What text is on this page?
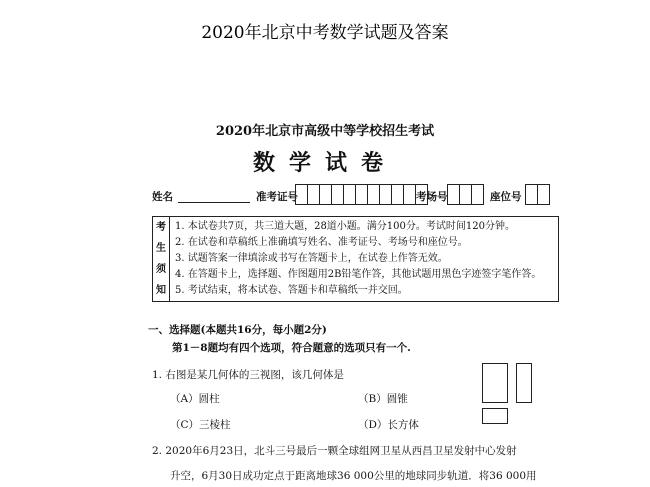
2020年北京中考数学试题及答案
2020年北京市高级中等学校招生考试
数学试卷
姓名	准考证号	考场号	座位号
考
生
须
知
1. 本试卷共7页，共三道大题，28道小题。满分100分。考试时间120分钟。
2. 在试卷和草稿纸上准确填写姓名、准考证号、考场号和座位号。
3. 试题答案一律填涂或书写在答题卡上，在试卷上作答无效。
4. 在答题卡上，选择题、作图题用2B铅笔作答，其他试题用黑色字迹签字笔作答。
5. 考试结束，将本试卷、答题卡和草稿纸一并交回。
一、选择题(本题共16分，每小题2分)
第1－8题均有四个选项，符合题意的选项只有一个.
1. 右图是某几何体的三视图，该几何体是
（A）圆柱	（B）圆锥
（C）三棱柱	（D）长方体
2. 2020年6月23日，北斗三号最后一颗全球组网卫星从西昌卫星发射中心发射
升空，6月30日成功定点于距离地球36 000公里的地球同步轨道．将36 000用
